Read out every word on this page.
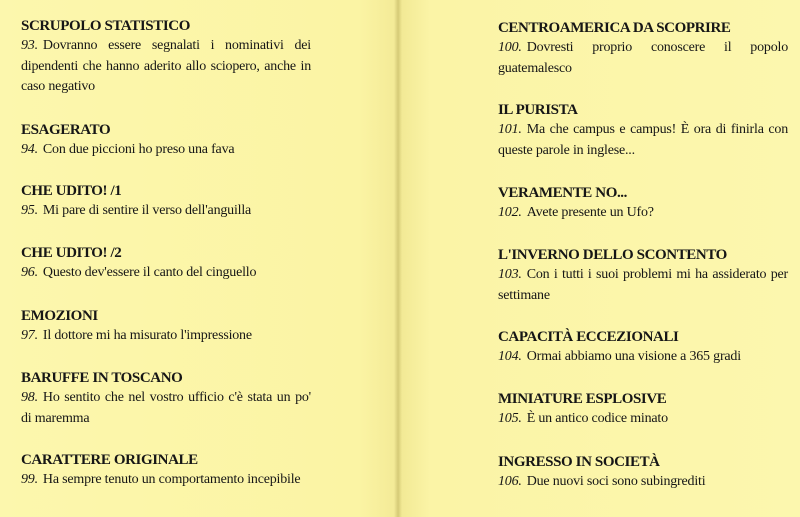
SCRUPOLO STATISTICO
93. Dovranno essere segnalati i nominativi dei dipendenti che hanno aderito allo sciopero, anche in caso negativo
ESAGERATO
94. Con due piccioni ho preso una fava
CHE UDITO! /1
95. Mi pare di sentire il verso dell'anguilla
CHE UDITO! /2
96. Questo dev'essere il canto del cinguello
EMOZIONI
97. Il dottore mi ha misurato l'impressione
BARUFFE IN TOSCANO
98. Ho sentito che nel vostro ufficio c'è stata un po' di maremma
CARATTERE ORIGINALE
99. Ha sempre tenuto un comportamento incepibile
CENTROAMERICA DA SCOPRIRE
100. Dovresti proprio conoscere il popolo guatemalesco
IL PURISTA
101. Ma che campus e campus! È ora di finirla con queste parole in inglese...
VERAMENTE NO...
102. Avete presente un Ufo?
L'INVERNO DELLO SCONTENTO
103. Con i tutti i suoi problemi mi ha assiderato per settimane
CAPACITÀ ECCEZIONALI
104. Ormai abbiamo una visione a 365 gradi
MINIATURE ESPLOSIVE
105. È un antico codice minato
INGRESSO IN SOCIETÀ
106. Due nuovi soci sono subingrediti
